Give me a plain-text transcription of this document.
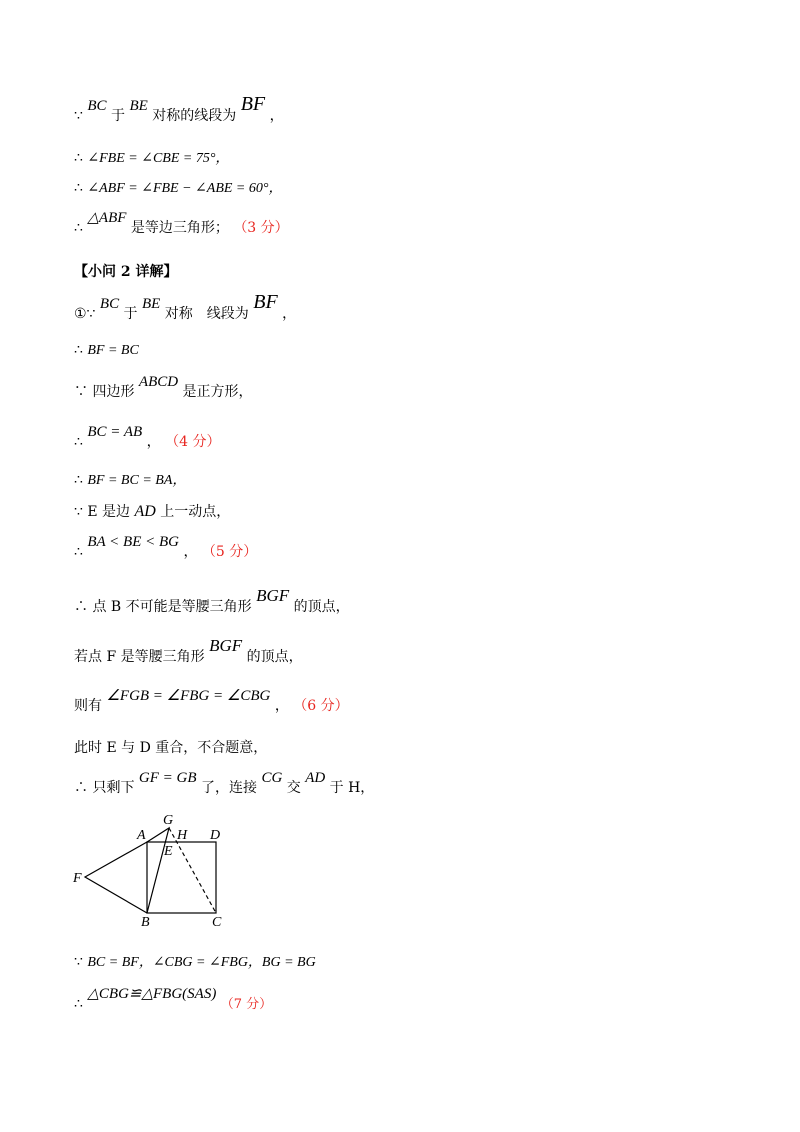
∵ BC 于 BE 对称的线段为 BF ，
∴ ∠FBE = ∠CBE = 75°，
∴ ∠ABF = ∠FBE − ∠ABE = 60°，
∴ △ABF 是等边三角形； （3 分）
【小问 2 详解】
①∵ BC 于 BE 对称　线段为 BF ，
∴ BF = BC
∵ 四边形 ABCD 是正方形，
∴ BC = AB ， （4 分）
∴ BF = BC = BA，
∵ E 是边 AD 上一动点，
∴ BA < BE < BG ， （5 分）
∴ 点 B 不可能是等腰三角形 BGF 的顶点，
若点 F 是等腰三角形 BGF 的顶点，
则有 ∠FGB = ∠FBG = ∠CBG ， （6 分）
此时 E 与 D 重合，不合题意，
∴ 只剩下 GF = GB 了，连接 CG 交 AD 于 H，
A
G
H D
E
F
B	C
∵ BC = BF，∠CBG = ∠FBG，BG = BG
∴ △CBG≌△FBG(SAS) （7 分）
